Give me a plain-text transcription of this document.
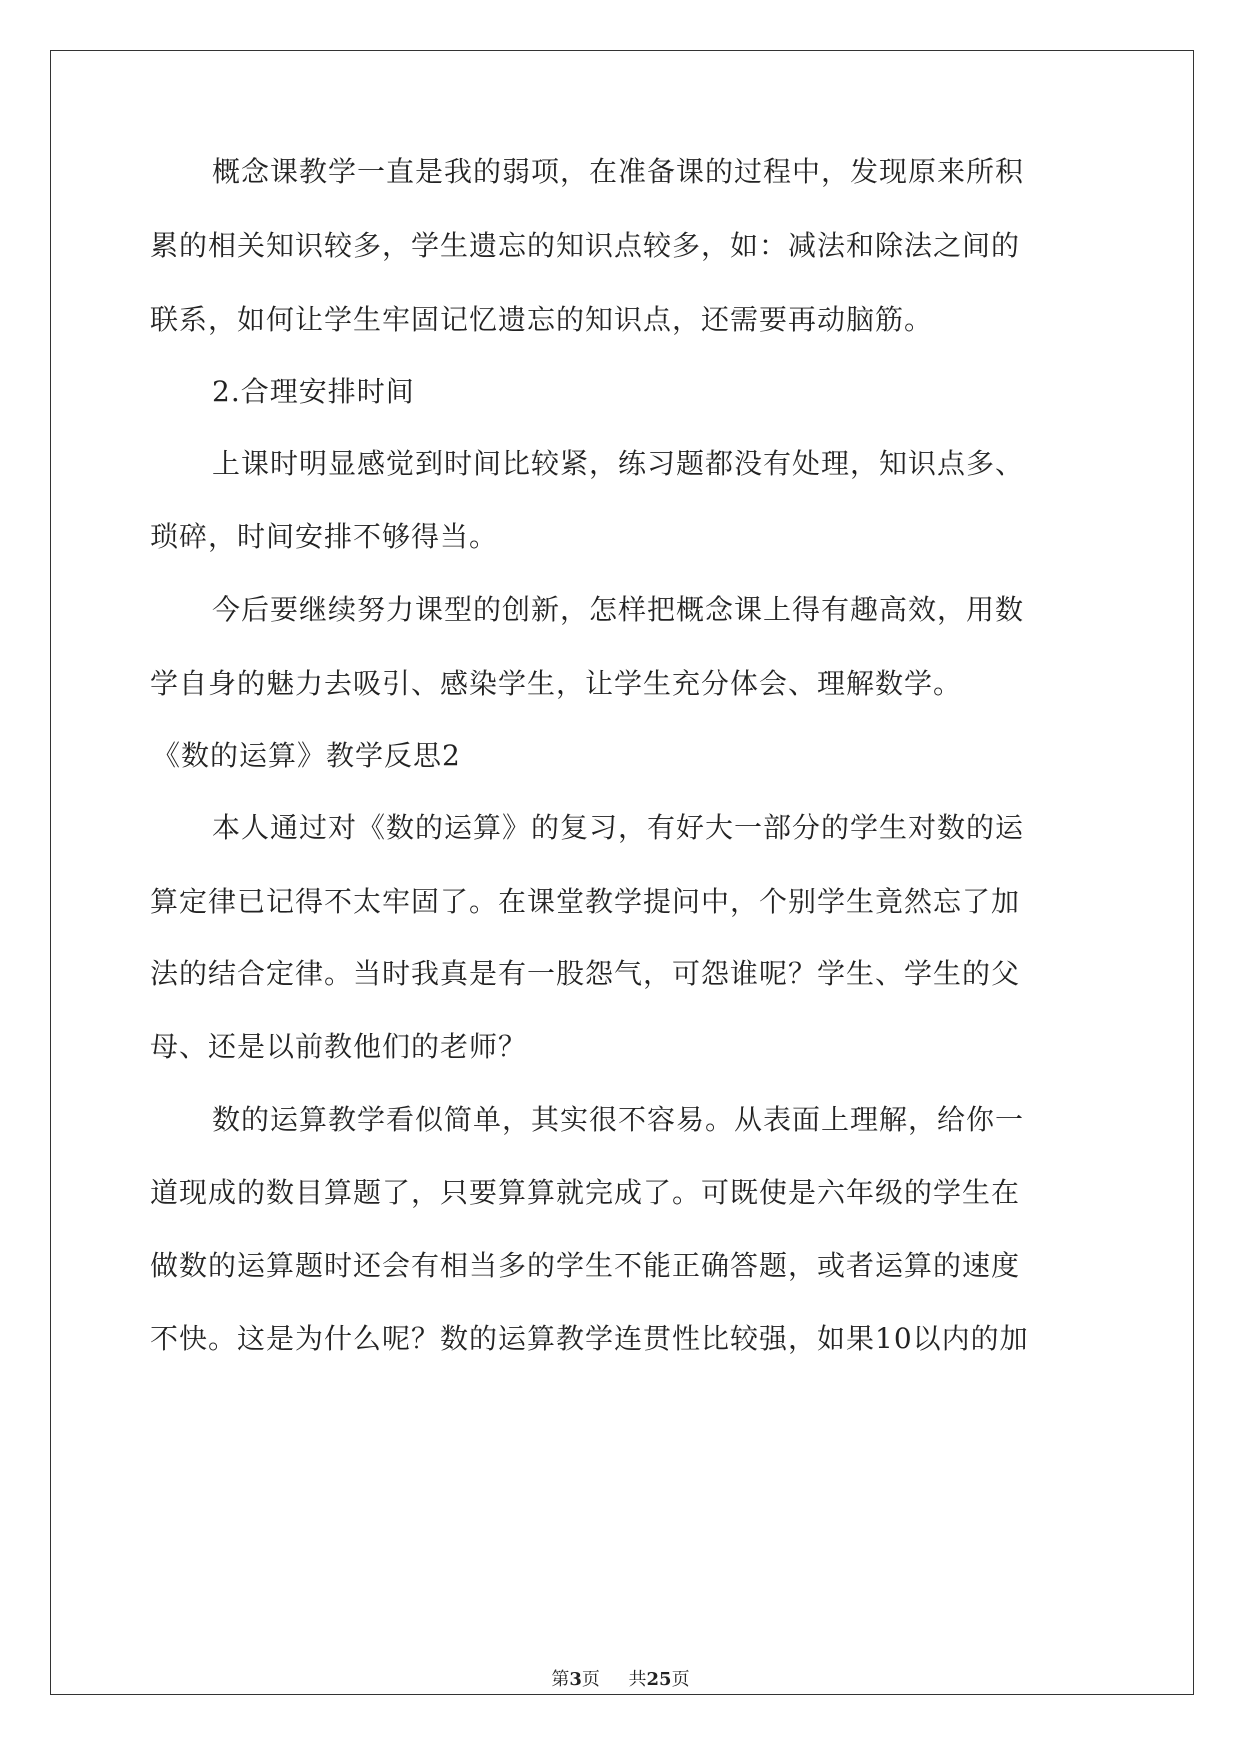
概念课教学一直是我的弱项，在准备课的过程中，发现原来所积
累的相关知识较多，学生遗忘的知识点较多，如：减法和除法之间的
联系，如何让学生牢固记忆遗忘的知识点，还需要再动脑筋。
2.合理安排时间
上课时明显感觉到时间比较紧，练习题都没有处理，知识点多、
琐碎，时间安排不够得当。
今后要继续努力课型的创新，怎样把概念课上得有趣高效，用数
学自身的魅力去吸引、感染学生，让学生充分体会、理解数学。
《数的运算》教学反思2
本人通过对《数的运算》的复习，有好大一部分的学生对数的运
算定律已记得不太牢固了。在课堂教学提问中，个别学生竟然忘了加
法的结合定律。当时我真是有一股怨气，可怨谁呢？学生、学生的父
母、还是以前教他们的老师？
数的运算教学看似简单，其实很不容易。从表面上理解，给你一
道现成的数目算题了，只要算算就完成了。可既使是六年级的学生在
做数的运算题时还会有相当多的学生不能正确答题，或者运算的速度
不快。这是为什么呢？数的运算教学连贯性比较强，如果10以内的加
第3页 共25页
